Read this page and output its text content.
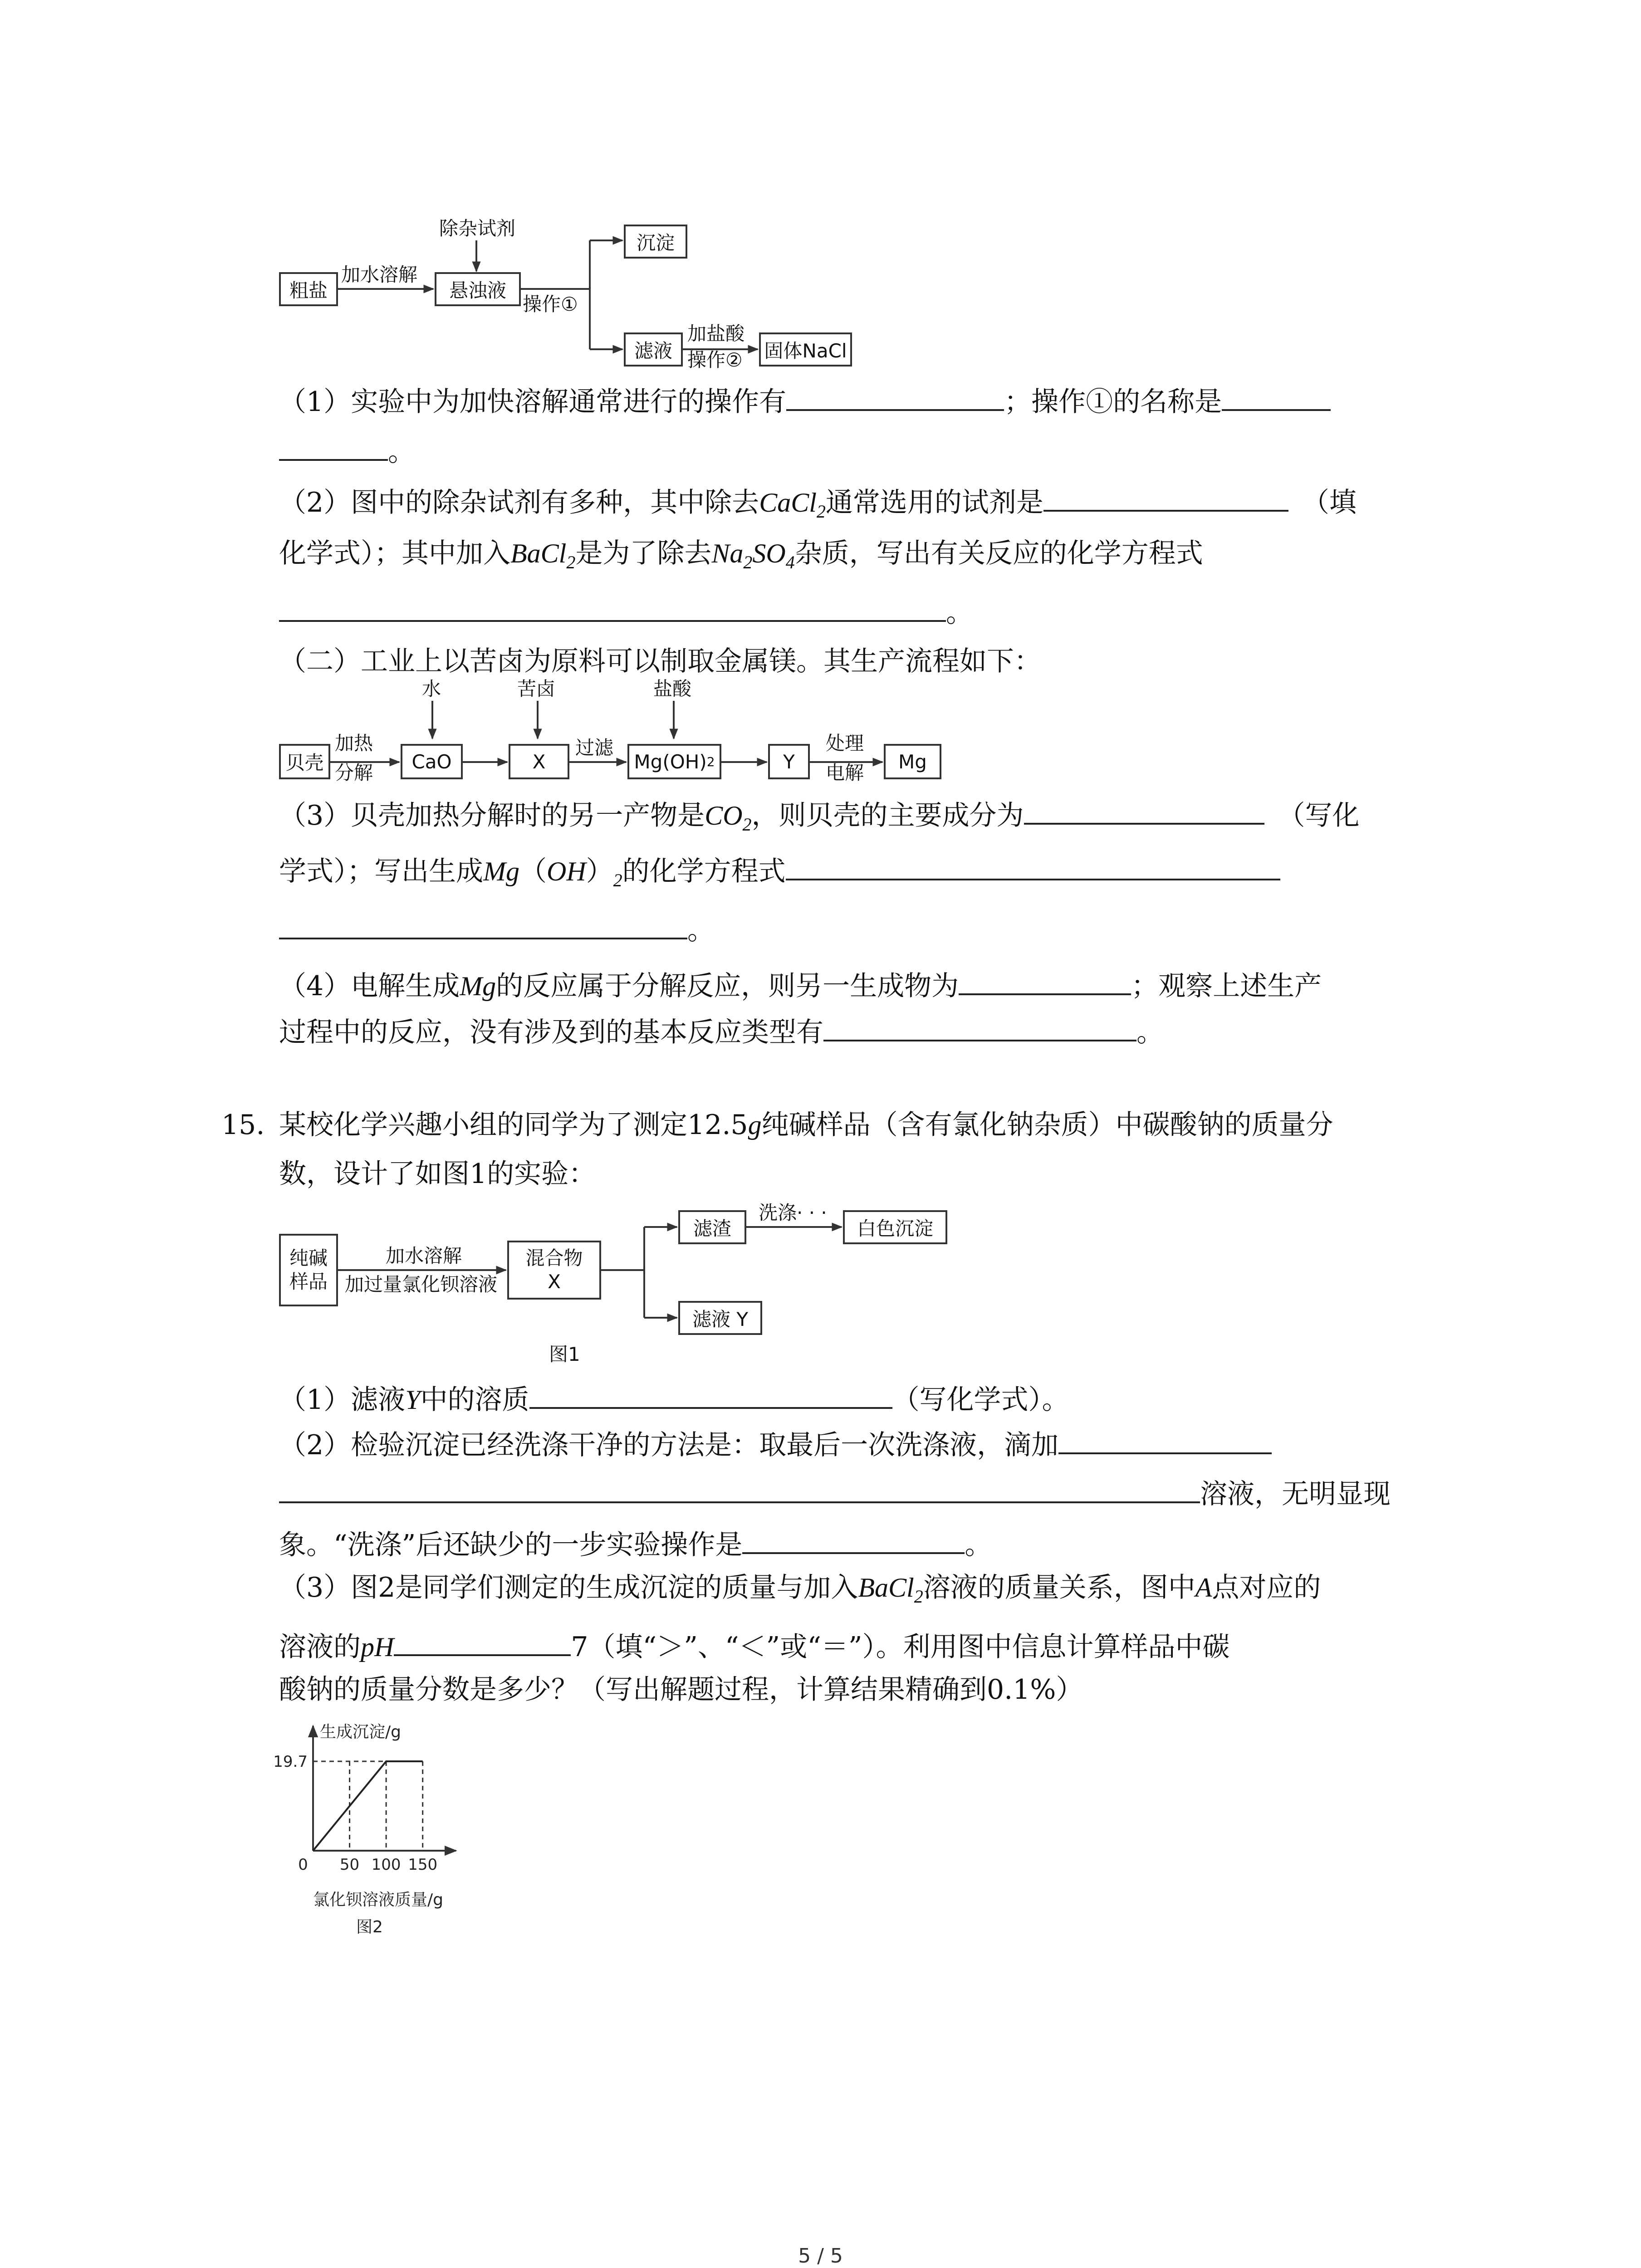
粗盐
加水溶解
除杂试剂
悬浊液
操作①
沉淀
滤液
加盐酸
操作② 固体NaCl
（1）实验中为加快溶解通常进行的操作有	；操作①的名称是
。
（2）图中的除杂试剂有多种，其中除去CaCl$_2$通常选用的试剂是	（填
化学式）；其中加入BaCl$_2$是为了除去$Na_2SO_4$杂质，写出有关反应的化学方程式
。
（二）工业上以苦卤为原料可以制取金属镁。其生产流程如下：
贝壳
加热
分解
水
CaO
苦卤
X
过滤
盐酸
Mg(OH) 2	Y
处理
电解	Mg
（3）贝壳加热分解时的另一产物是$CO_2$，则贝壳的主要成分为	（写化
学式）；写出生成$Mg(OH)_2$的化学方程式
。
（4）电解生成Mg的反应属于分解反应，则另一生成物为	；观察上述生产
过程中的反应，没有涉及到的基本反应类型有	。
15. 某校化学兴趣小组的同学为了测定12.5g纯碱样品（含有氯化钠杂质）中碳酸钠的质量分
数，设计了如图1的实验：
纯碱
样品
加水溶解
加过量氯化钡溶液
混合物
X
滤渣
洗涤· · ·
白色沉淀
滤液 Y
图1
（1）滤液Y中的溶质	（写化学式）。
（2）检验沉淀已经洗涤干净的方法是：取最后一次洗涤液，滴加
溶液，无明显现
象。“洗涤”后还缺少的一步实验操作是	。
（3）图2是同学们测定的生成沉淀的质量与加入BaCl$_2$溶液的质量关系，图中A点对应的
溶液的pH	7（填“＞”、“＜”或“＝”）。利用图中信息计算样品中碳
酸钠的质量分数是多少？（写出解题过程，计算结果精确到0.1%）
0 50 100 150
19.7
生成沉淀/g
氯化钡溶液质量/g
图2
5 / 5
